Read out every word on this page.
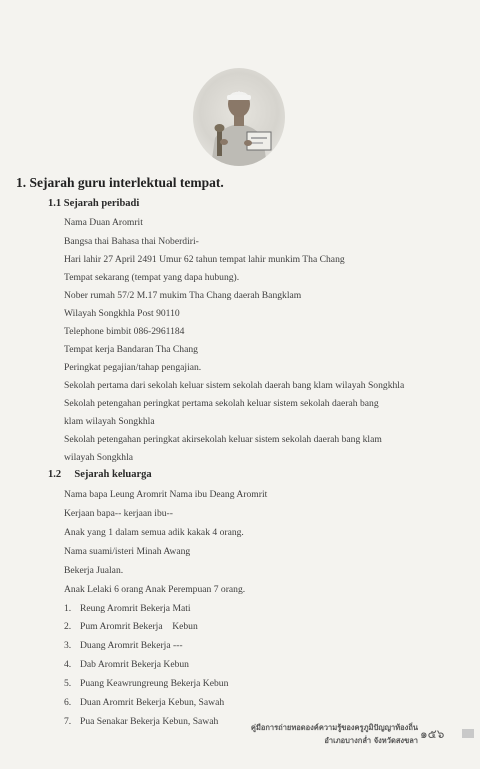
1. Sejarah guru interlektual tempat.
1.1 Sejarah peribadi
Nama Duan Aromrit
Bangsa thai Bahasa thai Noberdiri-
Hari lahir 27 April 2491 Umur 62 tahun tempat lahir munkim Tha Chang
Tempat sekarang (tempat yang dapa hubung).
Nober rumah 57/2 M.17 mukim Tha Chang daerah Bangklam
Wilayah Songkhla Post 90110
Telephone bimbit 086-2961184
Tempat kerja Bandaran Tha Chang
Peringkat pegajian/tahap pengajian.
Sekolah pertama dari sekolah keluar sistem sekolah daerah bang klam wilayah Songkhla
Sekolah petengahan peringkat pertama sekolah keluar sistem sekolah daerah bang
klam wilayah Songkhla
Sekolah petengahan peringkat akirsekolah keluar sistem sekolah daerah bang klam
wilayah Songkhla
1.2 Sejarah keluarga
Nama bapa Leung Aromrit Nama ibu Deang Aromrit
Kerjaan bapa-- kerjaan ibu--
Anak yang 1 dalam semua adik kakak 4 orang.
Nama suami/isteri Minah Awang
Bekerja Jualan.
Anak Lelaki 6 orang Anak Perempuan 7 orang.
1. Reung Aromrit Bekerja Mati
2. Pum Aromrit Bekerja    Kebun
3. Duang Aromrit Bekerja ---
4. Dab Aromrit Bekerja Kebun
5. Puang Keawrungreung Bekerja Kebun
6. Duan Aromrit Bekerja Kebun, Sawah
7. Pua Senakar Bekerja Kebun, Sawah
คู่มือการถ่ายทอดองค์ความรู้ของครูภูมิปัญญาท้องถิ่น
อำเภอบางกล่ำ จังหวัดสงขลา ๑๕๖
